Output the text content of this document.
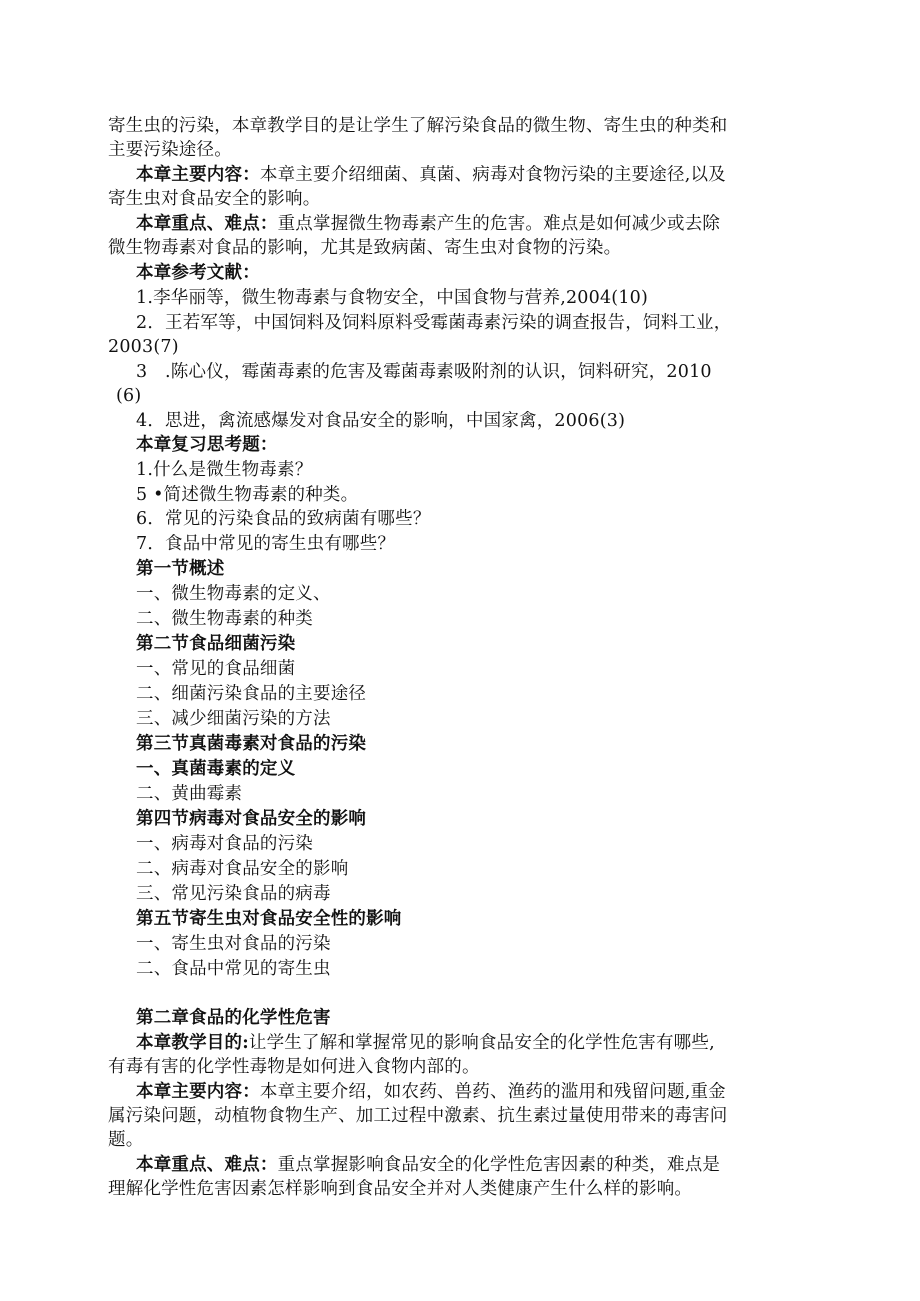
寄生虫的污染，本章教学目的是让学生了解污染食品的微生物、寄生虫的种类和
主要污染途径。
本章主要内容：本章主要介绍细菌、真菌、病毒对食物污染的主要途径,以及
寄生虫对食品安全的影响。
本章重点、难点：重点掌握微生物毒素产生的危害。难点是如何减少或去除
微生物毒素对食品的影响，尤其是致病菌、寄生虫对食物的污染。
本章参考文献：
1.李华丽等，微生物毒素与食物安全，中国食物与营养,2004(10)
2．王若军等，中国饲料及饲料原料受霉菌毒素污染的调查报告，饲料工业，
2003(7)
3　.陈心仪，霉菌毒素的危害及霉菌毒素吸附剂的认识，饲料研究，2010
(6)
4．思进，禽流感爆发对食品安全的影响，中国家禽，2006(3)
本章复习思考题：
1.什么是微生物毒素？
5 •简述微生物毒素的种类。
6．常见的污染食品的致病菌有哪些？
7．食品中常见的寄生虫有哪些？
第一节概述
一、微生物毒素的定义、
二、微生物毒素的种类
第二节食品细菌污染
一、常见的食品细菌
二、细菌污染食品的主要途径
三、减少细菌污染的方法
第三节真菌毒素对食品的污染
一、真菌毒素的定义
二、黄曲霉素
第四节病毒对食品安全的影响
一、病毒对食品的污染
二、病毒对食品安全的影响
三、常见污染食品的病毒
第五节寄生虫对食品安全性的影响
一、寄生虫对食品的污染
二、食品中常见的寄生虫
第二章食品的化学性危害
本章教学目的:让学生了解和掌握常见的影响食品安全的化学性危害有哪些,
有毒有害的化学性毒物是如何进入食物内部的。
本章主要内容：本章主要介绍，如农药、兽药、渔药的滥用和残留问题,重金
属污染问题，动植物食物生产、加工过程中激素、抗生素过量使用带来的毒害问
题。
本章重点、难点：重点掌握影响食品安全的化学性危害因素的种类，难点是
理解化学性危害因素怎样影响到食品安全并对人类健康产生什么样的影响。
